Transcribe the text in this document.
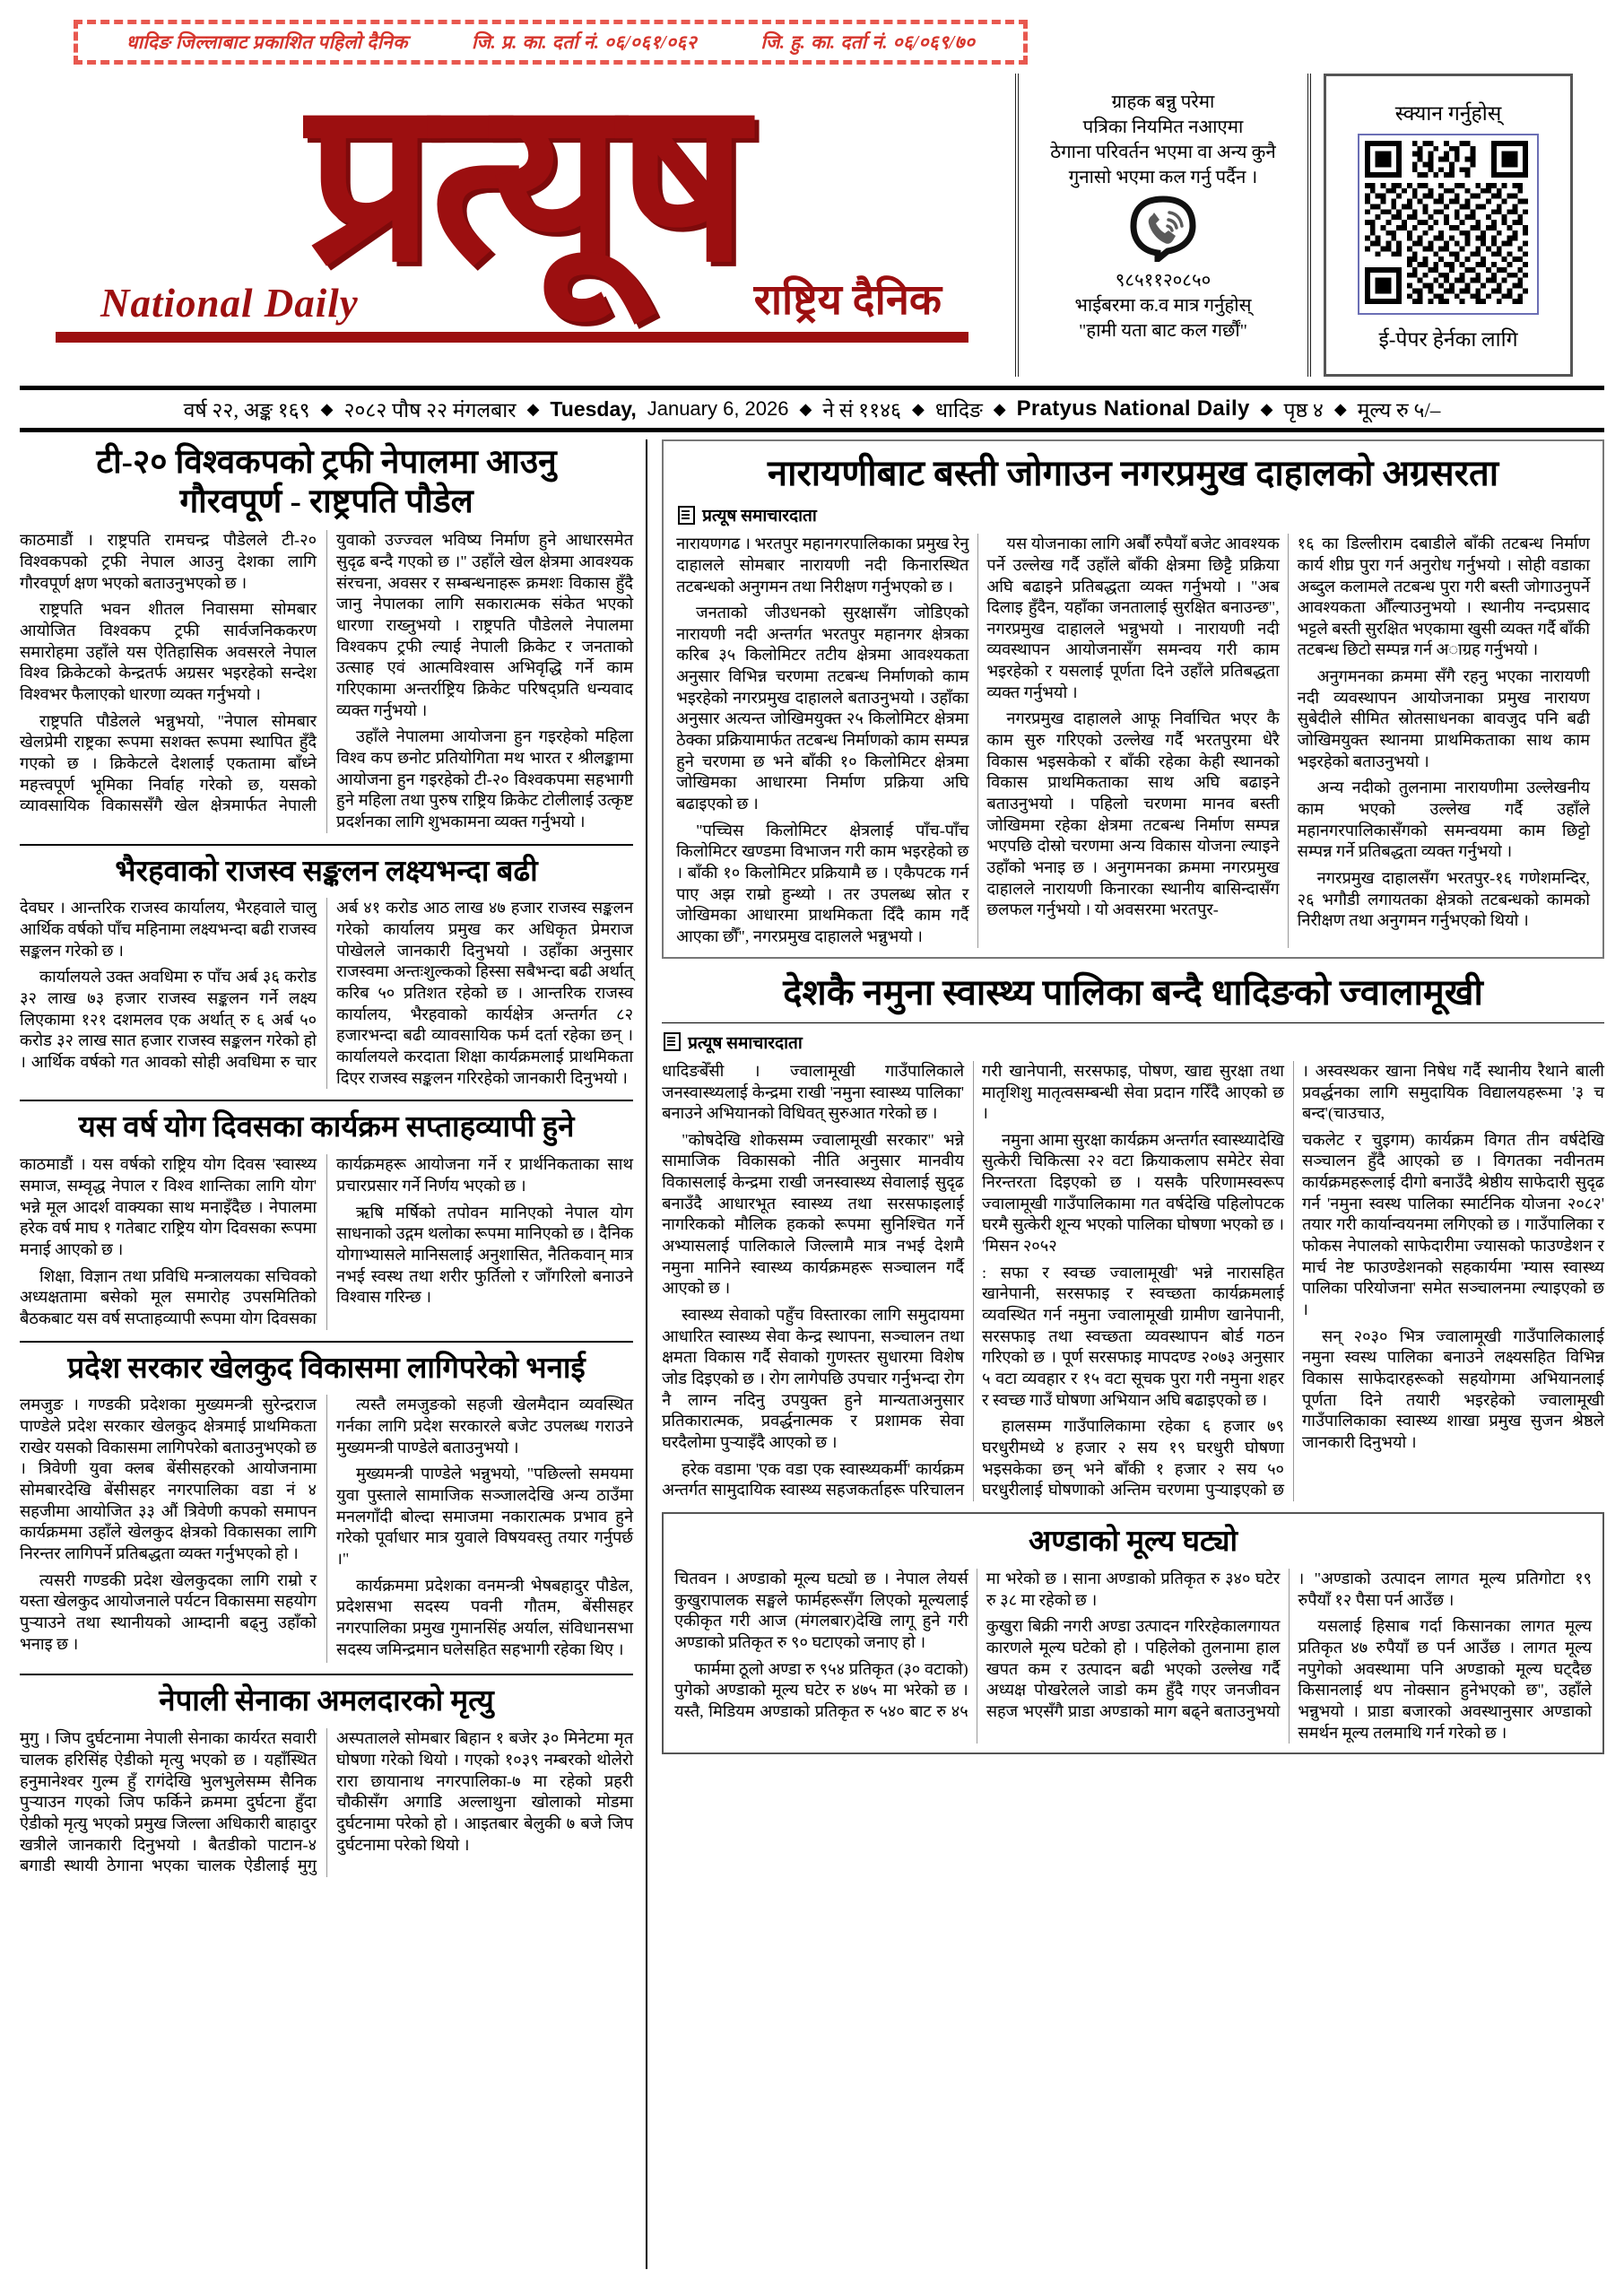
धादिङ जिल्लाबाट प्रकाशित पहिलो दैनिक	जि. प्र. का. दर्ता नं. ०६/०६१/०६२	जि. हु. का. दर्ता नं. ०६/०६९/७०
प्रत्यूष
National Daily	राष्ट्रिय दैनिक

ग्राहक बन्नु परेमा

पत्रिका नियमित नआएमा

ठेगाना परिवर्तन भएमा वा अन्य कुनै

गुनासो भएमा कल गर्नु पर्दैन ।

९८५११२०८५०

भाईबरमा क.व मात्र गर्नुहोस्

"हामी यता बाट कल गर्छौं"

स्क्यान गर्नुहोस्
ई-पेपर हेर्नका लागि
वर्ष २२, अङ्क १६९ ◆ २०८२ पौष २२ मंगलबार ◆ Tuesday, January 6, 2026 ◆ ने सं ११४६ ◆ धादिङ ◆ Pratyus National Daily ◆ पृष्ठ ४ ◆ मूल्य रु ५/–
टी-२० विश्वकपको ट्रफी नेपालमा आउनु
गौरवपूर्ण - राष्ट्रपति पौडेल

काठमाडौं । राष्ट्रपति रामचन्द्र पौडेलले टी-२० विश्वकपको ट्रफी नेपाल आउनु देशका लागि गौरवपूर्ण क्षण भएको बताउनुभएको छ ।

राष्ट्रपति भवन शीतल निवासमा सोमबार आयोजित विश्वकप ट्रफी सार्वजनिककरण समारोहमा उहाँले यस ऐतिहासिक अवसरले नेपाल विश्व क्रिकेटको केन्द्रतर्फ अग्रसर भइरहेको सन्देश विश्वभर फैलाएको धारणा व्यक्त गर्नुभयो ।

राष्ट्रपति पौडेलले भन्नुभयो, "नेपाल सोमबार खेलप्रेमी राष्ट्रका रूपमा सशक्त रूपमा स्थापित हुँदै गएको छ । क्रिकेटले देशलाई एकतामा बाँध्ने महत्त्वपूर्ण भूमिका निर्वाह गरेको छ, यसको व्यावसायिक विकाससँगै खेल क्षेत्रमार्फत नेपाली युवाको उज्ज्वल भविष्य निर्माण हुने आधारसमेत सुदृढ बन्दै गएको छ ।" उहाँले खेल क्षेत्रमा आवश्यक संरचना, अवसर र सम्बन्धनाहरू क्रमशः विकास हुँदै जानु नेपालका लागि सकारात्मक संकेत भएको धारणा राख्नुभयो । राष्ट्रपति पौडेलले नेपालमा विश्वकप ट्रफी ल्याई नेपाली क्रिकेट र जनताको उत्साह एवं आत्मविश्वास अभिवृद्धि गर्ने काम गरिएकामा अन्तर्राष्ट्रिय क्रिकेट परिषद्प्रति धन्यवाद व्यक्त गर्नुभयो ।

उहाँले नेपालमा आयोजना हुन गइरहेको महिला विश्व कप छनोट प्रतियोगिता मथ भारत र श्रीलङ्कामा आयोजना हुन गइरहेको टी-२० विश्वकपमा सहभागी हुने महिला तथा पुरुष राष्ट्रिय क्रिकेट टोलीलाई उत्कृष्ट प्रदर्शनका लागि शुभकामना व्यक्त गर्नुभयो ।

भैरहवाको राजस्व सङ्कलन लक्ष्यभन्दा बढी

देवघर । आन्तरिक राजस्व कार्यालय, भैरहवाले चालु आर्थिक वर्षको पाँच महिनामा लक्ष्यभन्दा बढी राजस्व सङ्कलन गरेको छ ।

कार्यालयले उक्त अवधिमा रु पाँच अर्ब ३६ करोड ३२ लाख ७३ हजार राजस्व सङ्कलन गर्ने लक्ष्य लिएकामा १२१ दशमलव एक अर्थात् रु ६ अर्ब ५० करोड ३२ लाख सात हजार राजस्व सङ्कलन गरेको हो । आर्थिक वर्षको गत आवको सोही अवधिमा रु चार अर्ब ४१ करोड आठ लाख ४७ हजार राजस्व सङ्कलन गरेको कार्यालय प्रमुख कर अधिकृत प्रेमराज पोखेलले जानकारी दिनुभयो । उहाँका अनुसार राजस्वमा अन्तःशुल्कको हिस्सा सबैभन्दा बढी अर्थात् करिब ५० प्रतिशत रहेको छ । आन्तरिक राजस्व कार्यालय, भैरहवाको कार्यक्षेत्र अन्तर्गत ८२ हजारभन्दा बढी व्यावसायिक फर्म दर्ता रहेका छन् । कार्यालयले करदाता शिक्षा कार्यक्रमलाई प्राथमिकता दिएर राजस्व सङ्कलन गरिरहेको जानकारी दिनुभयो ।

यस वर्ष योग दिवसका कार्यक्रम सप्ताहव्यापी हुने

काठमाडौं । यस वर्षको राष्ट्रिय योग दिवस 'स्वास्थ्य समाज, सम्वृद्ध नेपाल र विश्व शान्तिका लागि योग' भन्ने मूल आदर्श वाक्यका साथ मनाइँदैछ । नेपालमा हरेक वर्ष माघ १ गतेबाट राष्ट्रिय योग दिवसका रूपमा मनाई आएको छ ।

शिक्षा, विज्ञान तथा प्रविधि मन्त्रालयका सचिवको अध्यक्षतामा बसेको मूल समारोह उपसमितिको बैठकबाट यस वर्ष सप्ताहव्यापी रूपमा योग दिवसका कार्यक्रमहरू आयोजना गर्ने र प्रार्थनिकताका साथ प्रचारप्रसार गर्ने निर्णय भएको छ ।

ऋषि मर्षिको तपोवन मानिएको नेपाल योग साधनाको उद्गम थलोका रूपमा मानिएको छ । दैनिक योगाभ्यासले मानिसलाई अनुशासित, नैतिकवान् मात्र नभई स्वस्थ तथा शरीर फुर्तिलो र जाँगरिलो बनाउने विश्वास गरिन्छ ।

प्रदेश सरकार खेलकुद विकासमा लागिपरेको भनाई

लमजुङ । गण्डकी प्रदेशका मुख्यमन्त्री सुरेन्द्रराज पाण्डेले प्रदेश सरकार खेलकुद क्षेत्रमाई प्राथमिकता राखेर यसको विकासमा लागिपरेको बताउनुभएको छ । त्रिवेणी युवा क्लब बेंसीसहरको आयोजनामा सोमबारदेखि बेंसीसहर नगरपालिका वडा नं ४ सहजीमा आयोजित ३३ औं त्रिवेणी कपको समापन कार्यक्रममा उहाँले खेलकुद क्षेत्रको विकासका लागि निरन्तर लागिपर्ने प्रतिबद्धता व्यक्त गर्नुभएको हो ।

त्यसरी गण्डकी प्रदेश खेलकुदका लागि राम्रो र यस्ता खेलकुद आयोजनाले पर्यटन विकासमा सहयोग पुर्‍याउने तथा स्थानीयको आम्दानी बढ्नु उहाँको भनाइ छ ।

त्यस्तै लमजुङको सहजी खेलमैदान व्यवस्थित गर्नका लागि प्रदेश सरकारले बजेट उपलब्ध गराउने मुख्यमन्त्री पाण्डेले बताउनुभयो ।

मुख्यमन्त्री पाण्डेले भन्नुभयो, "पछिल्लो समयमा युवा पुस्ताले सामाजिक सञ्जालदेखि अन्य ठाउँमा मनलगाँदी बोल्दा समाजमा नकारात्मक प्रभाव हुने गरेको पूर्वाधार मात्र युवाले विषयवस्तु तयार गर्नुपर्छ ।"

कार्यक्रममा प्रदेशका वनमन्त्री भेषबहादुर पौडेल, प्रदेशसभा सदस्य पवनी गौतम, बेंसीसहर नगरपालिका प्रमुख गुमानसिंह अर्याल, संविधानसभा सदस्य जमिन्द्रमान घलेसहित सहभागी रहेका थिए ।

नेपाली सेनाका अमलदारको मृत्यु

मुगु । जिप दुर्घटनामा नेपाली सेनाका कार्यरत सवारी चालक हरिसिंह ऐडीको मृत्यु भएको छ । यहाँस्थित हनुमानेश्वर गुल्म हुँ रागंदेखि भुलभुलेसम्म सैनिक पुऱ्याउन गएको जिप फर्किने क्रममा दुर्घटना हुँदा ऐडीको मृत्यु भएको प्रमुख जिल्ला अधिकारी बाहादुर खत्रीले जानकारी दिनुभयो । बैतडीको पाटान-४ बगाडी स्थायी ठेगाना भएका चालक ऐडीलाई मुगु अस्पतालले सोमबार बिहान १ बजेर ३० मिनेटमा मृत घोषणा गरेको थियो । गएको १०३९ नम्बरको थोलेरो रारा छायानाथ नगरपालिका-७ मा रहेको प्रहरी चौकीसँग अगाडि अल्लाथुना खोलाको मोडमा दुर्घटनामा परेको हो । आइतबार बेलुकी ७ बजे जिप दुर्घटनामा परेको थियो ।

नारायणीबाट बस्ती जोगाउन नगरप्रमुख दाहालको अग्रसरता
प्रत्यूष समाचारदाता

नारायणगढ । भरतपुर महानगरपालिकाका प्रमुख रेनु दाहालले सोमबार नारायणी नदी किनारस्थित तटबन्धको अनुगमन तथा निरीक्षण गर्नुभएको छ ।

जनताको जीउधनको सुरक्षासँग जोडिएको नारायणी नदी अन्तर्गत भरतपुर महानगर क्षेत्रका करिब ३५ किलोमिटर तटीय क्षेत्रमा आवश्यकता अनुसार विभिन्न चरणमा तटबन्ध निर्माणको काम भइरहेको नगरप्रमुख दाहालले बताउनुभयो । उहाँका अनुसार अत्यन्त जोखिमयुक्त २५ किलोमिटर क्षेत्रमा ठेक्का प्रक्रियामार्फत तटबन्ध निर्माणको काम सम्पन्न हुने चरणमा छ भने बाँकी १० किलोमिटर क्षेत्रमा जोखिमका आधारमा निर्माण प्रक्रिया अघि बढाइएको छ ।

"पच्चिस किलोमिटर क्षेत्रलाई पाँच-पाँच किलोमिटर खण्डमा विभाजन गरी काम भइरहेको छ । बाँकी १० किलोमिटर प्रक्रियामै छ । एकैपटक गर्न पाए अझ राम्रो हुन्थ्यो । तर उपलब्ध स्रोत र जोखिमका आधारमा प्राथमिकता दिँदै काम गर्दै आएका छौँ", नगरप्रमुख दाहालले भन्नुभयो ।

यस योजनाका लागि अर्बौं रुपैयाँ बजेट आवश्यक पर्ने उल्लेख गर्दै उहाँले बाँकी क्षेत्रमा छिट्टै प्रक्रिया अघि बढाइने प्रतिबद्धता व्यक्त गर्नुभयो । "अब दिलाइ हुँदैन, यहाँका जनतालाई सुरक्षित बनाउन्छ", नगरप्रमुख दाहालले भन्नुभयो । नारायणी नदी व्यवस्थापन आयोजनासँग समन्वय गरी काम भइरहेको र यसलाई पूर्णता दिने उहाँले प्रतिबद्धता व्यक्त गर्नुभयो ।

नगरप्रमुख दाहालले आफू निर्वाचित भएर कै काम सुरु गरिएको उल्लेख गर्दै भरतपुरमा धेरै विकास भइसकेको र बाँकी रहेका केही स्थानको विकास प्राथमिकताका साथ अघि बढाइने बताउनुभयो । पहिलो चरणमा मानव बस्ती जोखिममा रहेका क्षेत्रमा तटबन्ध निर्माण सम्पन्न भएपछि दोस्रो चरणमा अन्य विकास योजना ल्याइने उहाँको भनाइ छ । अनुगमनका क्रममा नगरप्रमुख दाहालले नारायणी किनारका स्थानीय बासिन्दासँग छलफल गर्नुभयो । यो अवसरमा भरतपुर-

१६ का डिल्लीराम दबाडीले बाँकी तटबन्ध निर्माण कार्य शीघ्र पुरा गर्न अनुरोध गर्नुभयो । सोही वडाका अब्दुल कलामले तटबन्ध पुरा गरी बस्ती जोगाउनुपर्ने आवश्यकता औँल्याउनुभयो । स्थानीय नन्दप्रसाद भट्टले बस्ती सुरक्षित भएकामा खुसी व्यक्त गर्दै बाँकी तटबन्ध छिटो सम्पन्न गर्न अाग्रह गर्नुभयो ।

अनुगमनका क्रममा सँगै रहनु भएका नारायणी नदी व्यवस्थापन आयोजनाका प्रमुख नारायण सुबेदीले सीमित स्रोतसाधनका बावजुद पनि बढी जोखिमयुक्त स्थानमा प्राथमिकताका साथ काम भइरहेको बताउनुभयो ।

अन्य नदीको तुलनामा नारायणीमा उल्लेखनीय काम भएको उल्लेख गर्दै उहाँले महानगरपालिकासँगको समन्वयमा काम छिट्टो सम्पन्न गर्ने प्रतिबद्धता व्यक्त गर्नुभयो ।

नगरप्रमुख दाहालसँग भरतपुर-१६ गणेशमन्दिर, २६ भगौडी लगायतका क्षेत्रको तटबन्धको कामको निरीक्षण तथा अनुगमन गर्नुभएको थियो ।

देशकै नमुना स्वास्थ्य पालिका बन्दै धादिङको ज्वालामूखी
प्रत्यूष समाचारदाता

धादिङबेँसी । ज्वालामूखी गाउँपालिकाले जनस्वास्थ्यलाई केन्द्रमा राखी 'नमुना स्वास्थ्य पालिका' बनाउने अभियानको विधिवत् सुरुआत गरेको छ ।

"कोषदेखि शोकसम्म ज्वालामूखी सरकार" भन्ने सामाजिक विकासको नीति अनुसार मानवीय विकासलाई केन्द्रमा राखी जनस्वास्थ्य सेवालाई सुदृढ बनाउँदै आधारभूत स्वास्थ्य तथा सरसफाइलाई नागरिकको मौलिक हकको रूपमा सुनिश्चित गर्ने अभ्यासलाई पालिकाले जिल्लामै मात्र नभई देशमै नमुना मानिने स्वास्थ्य कार्यक्रमहरू सञ्चालन गर्दै आएको छ ।

स्वास्थ्य सेवाको पहुँच विस्तारका लागि समुदायमा आधारित स्वास्थ्य सेवा केन्द्र स्थापना, सञ्चालन तथा क्षमता विकास गर्दै सेवाको गुणस्तर सुधारमा विशेष जोड दिइएको छ । रोग लागेपछि उपचार गर्नुभन्दा रोग नै लाग्न नदिनु उपयुक्त हुने मान्यताअनुसार प्रतिकारात्मक, प्रवर्द्धनात्मक र प्रशामक सेवा घरदैलोमा पुऱ्याइँदै आएको छ ।

हरेक वडामा 'एक वडा एक स्वास्थ्यकर्मी' कार्यक्रम अन्तर्गत सामुदायिक स्वास्थ्य सहजकर्ताहरू परिचालन गरी खानेपानी, सरसफाइ, पोषण, खाद्य सुरक्षा तथा मातृशिशु मातृत्वसम्बन्धी सेवा प्रदान गरिँदै आएको छ ।

नमुना आमा सुरक्षा कार्यक्रम अन्तर्गत स्वास्थ्यादेखि सुत्केरी चिकित्सा २२ वटा क्रियाकलाप समेटेर सेवा निरन्तरता दिइएको छ । यसकै परिणामस्वरूप ज्वालामूखी गाउँपालिकामा गत वर्षदेखि पहिलोपटक घरमै सुत्केरी शून्य भएको पालिका घोषणा भएको छ । 'मिसन २०५२

: सफा र स्वच्छ ज्वालामूखी' भन्ने नारासहित खानेपानी, सरसफाइ र स्वच्छता कार्यक्रमलाई व्यवस्थित गर्न नमुना ज्वालामूखी ग्रामीण खानेपानी, सरसफाइ तथा स्वच्छता व्यवस्थापन बोर्ड गठन गरिएको छ । पूर्ण सरसफाइ मापदण्ड २०७३ अनुसार ५ वटा व्यवहार र १५ वटा सूचक पुरा गरी नमुना शहर र स्वच्छ गाउँ घोषणा अभियान अघि बढाइएको छ ।

हालसम्म गाउँपालिकामा रहेका ६ हजार ७९ घरधुरीमध्ये ४ हजार २ सय १९ घरधुरी घोषणा भइसकेका छन् भने बाँकी १ हजार २ सय ५० घरधुरीलाई घोषणाको अन्तिम चरणमा पुऱ्याइएको छ । अस्वस्थकर खाना निषेध गर्दै स्थानीय रैथाने बाली प्रवर्द्धनका लागि समुदायिक विद्यालयहरूमा '३ च बन्द'(चाउचाउ,

चकलेट र चुइगम) कार्यक्रम विगत तीन वर्षदेखि सञ्चालन हुँदै आएको छ । विगतका नवीनतम कार्यक्रमहरूलाई दीगो बनाउँदै श्रेष्ठीय साफेदारी सुदृढ गर्न 'नमुना स्वस्थ पालिका स्मार्टनिक योजना २०८२' तयार गरी कार्यान्वयनमा लगिएको छ । गाउँपालिका र फोकस नेपालको साफेदारीमा ज्यासको फाउण्डेशन र मार्च नेष्ट फाउण्डेशनको सहकार्यमा 'म्यास स्वास्थ्य पालिका परियोजना' समेत सञ्चालनमा ल्याइएको छ ।

सन् २०३० भित्र ज्वालामूखी गाउँपालिकालाई नमुना स्वस्थ पालिका बनाउने लक्ष्यसहित विभिन्न विकास साफेदारहरूको सहयोगमा अभियानलाई पूर्णता दिने तयारी भइरहेको ज्वालामूखी गाउँपालिकाका स्वास्थ्य शाखा प्रमुख सुजन श्रेष्ठले जानकारी दिनुभयो ।

अण्डाको मूल्य घट्यो

चितवन । अण्डाको मूल्य घट्यो छ । नेपाल लेयर्स कुखुरापालक सङ्घले फार्महरूसँग लिएको मूल्यलाई एकीकृत गरी आज (मंगलबार)देखि लागू हुने गरी अण्डाको प्रतिकृत रु ९० घटाएको जनाए हो ।

फार्ममा ठूलो अण्डा रु ९५४ प्रतिकृत (३० वटाको) पुगेको अण्डाको मूल्य घटेर रु ४७५ मा भरेको छ । यस्तै, मिडियम अण्डाको प्रतिकृत रु ५४० बाट रु ४५ मा भरेको छ । साना अण्डाको प्रतिकृत रु ३४० घटेर रु ३८ मा रहेको छ ।

कुखुरा बिक्री नगरी अण्डा उत्पादन गरिरहेकालगायत कारणले मूल्य घटेको हो । पहिलेको तुलनामा हाल खपत कम र उत्पादन बढी भएको उल्लेख गर्दै अध्यक्ष पोखरेलले जाडो कम हुँदै गएर जनजीवन सहज भएसँगै प्राडा अण्डाको माग बढ्ने बताउनुभयो । "अण्डाको उत्पादन लागत मूल्य प्रतिगोटा १९ रुपैयाँ १२ पैसा पर्न आउँछ ।

यसलाई हिसाब गर्दा किसानका लागत मूल्य प्रतिकृत ४७ रुपैयाँ छ पर्न आउँछ । लागत मूल्य नपुगेको अवस्थामा पनि अण्डाको मूल्य घट्दैछ किसानलाई थप नोक्सान हुनेभएको छ", उहाँले भन्नुभयो । प्राडा बजारको अवस्थानुसार अण्डाको समर्थन मूल्य तलमाथि गर्न गरेको छ ।
